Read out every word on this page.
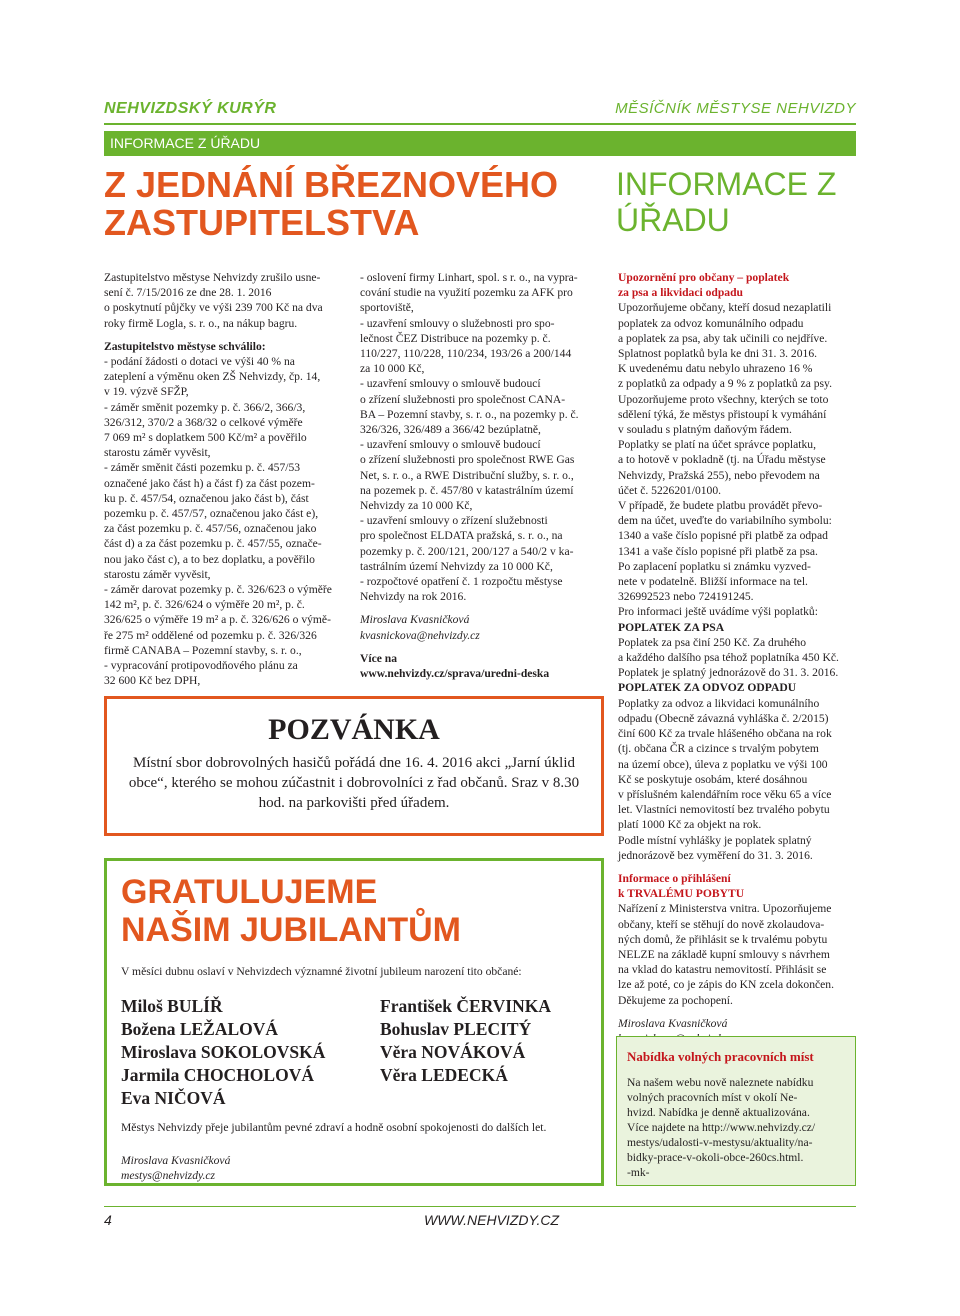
NEHVIZDSKÝ KURÝR	MĚSÍČNÍK MĚSTYSE NEHVIZDY
INFORMACE Z ÚŘADU
Z JEDNÁNÍ BŘEZNOVÉHO ZASTUPITELSTVA
INFORMACE Z ÚŘADU

Zastupitelstvo městyse Nehvizdy zrušilo usne-
sení č. 7/15/2016 ze dne 28. 1. 2016
o poskytnutí půjčky ve výši 239 700 Kč na dva
roky firmě Logla, s. r. o., na nákup bagru.

Zastupitelstvo městyse schválilo:

- podání žádosti o dotaci ve výši 40 % na
zateplení a výměnu oken ZŠ Nehvizdy, čp. 14,
v 19. výzvě SFŽP,
- záměr směnit pozemky p. č. 366/2, 366/3,
326/312, 370/2 a 368/32 o celkové výměře
7 069 m² s doplatkem 500 Kč/m² a pověřilo
starostu záměr vyvěsit,
- záměr směnit části pozemku p. č. 457/53
označené jako část h) a část f) za část pozem-
ku p. č. 457/54, označenou jako část b), část
pozemku p. č. 457/57, označenou jako část e),
za část pozemku p. č. 457/56, označenou jako
část d) a za část pozemku p. č. 457/55, označe-
nou jako část c), a to bez doplatku, a pověřilo
starostu záměr vyvěsit,
- záměr darovat pozemky p. č. 326/623 o výměře
142 m², p. č. 326/624 o výměře 20 m², p. č.
326/625 o výměře 19 m² a p. č. 326/626 o výmě-
ře 275 m² oddělené od pozemku p. č. 326/326
firmě CANABA – Pozemní stavby, s. r. o.,
- vypracování protipovodňového plánu za
32 600 Kč bez DPH,

- oslovení firmy Linhart, spol. s r. o., na vypra-
cování studie na využití pozemku za AFK pro
sportoviště,
- uzavření smlouvy o služebnosti pro spo-
lečnost ČEZ Distribuce na pozemky p. č.
110/227, 110/228, 110/234, 193/26 a 200/144
za 10 000 Kč,
- uzavření smlouvy o smlouvě budoucí
o zřízení služebnosti pro společnost CANA-
BA – Pozemní stavby, s. r. o., na pozemky p. č.
326/326, 326/489 a 366/42 bezúplatně,
- uzavření smlouvy o smlouvě budoucí
o zřízení služebnosti pro společnost RWE Gas
Net, s. r. o., a RWE Distribuční služby, s. r. o.,
na pozemek p. č. 457/80 v katastrálním území
Nehvizdy za 10 000 Kč,
- uzavření smlouvy o zřízení služebnosti
pro společnost ELDATA pražská, s. r. o., na
pozemky p. č. 200/121, 200/127 a 540/2 v ka-
tastrálním území Nehvizdy za 10 000 Kč,
- rozpočtové opatření č. 1 rozpočtu městyse
Nehvizdy na rok 2016.

Miroslava Kvasničková

kvasnickova@nehvizdy.cz

Více na

www.nehvizdy.cz/sprava/uredni-deska

Upozornění pro občany – poplatek
za psa a likvidaci odpadu

Upozorňujeme občany, kteří dosud nezaplatili
poplatek za odvoz komunálního odpadu
a poplatek za psa, aby tak učinili co nejdříve.
Splatnost poplatků byla ke dni 31. 3. 2016.
K uvedenému datu nebylo uhrazeno 16 %
z poplatků za odpady a 9 % z poplatků za psy.
Upozorňujeme proto všechny, kterých se toto
sdělení týká, že městys přistoupí k vymáhání
v souladu s platným daňovým řádem.
Poplatky se platí na účet správce poplatku,
a to hotově v pokladně (tj. na Úřadu městyse
Nehvizdy, Pražská 255), nebo převodem na
účet č. 5226201/0100.
V případě, že budete platbu provádět převo-
dem na účet, uveďte do variabilního symbolu:
1340 a vaše číslo popisné při platbě za odpad
1341 a vaše číslo popisné při platbě za psa.
Po zaplacení poplatku si známku vyzved-
nete v podatelně. Bližší informace na tel.
326992523 nebo 724191245.
Pro informaci ještě uvádíme výši poplatků:

POPLATEK ZA PSA

Poplatek za psa činí 250 Kč. Za druhého
a každého dalšího psa téhož poplatníka 450 Kč.
Poplatek je splatný jednorázově do 31. 3. 2016.

POPLATEK ZA ODVOZ ODPADU

Poplatky za odvoz a likvidaci komunálního
odpadu (Obecně závazná vyhláška č. 2/2015)
činí 600 Kč za trvale hlášeného občana na rok
(tj. občana ČR a cizince s trvalým pobytem
na území obce), úleva z poplatku ve výši 100
Kč se poskytuje osobám, které dosáhnou
v příslušném kalendářním roce věku 65 a více
let. Vlastníci nemovitostí bez trvalého pobytu
platí 1000 Kč za objekt na rok.
Podle místní vyhlášky je poplatek splatný
jednorázově bez vyměření do 31. 3. 2016.

Informace o přihlášení
k TRVALÉMU POBYTU

Nařízení z Ministerstva vnitra. Upozorňujeme
občany, kteří se stěhují do nově zkolaudova-
ných domů, že přihlásit se k trvalému pobytu
NELZE na základě kupní smlouvy s návrhem
na vklad do katastru nemovitostí. Přihlásit se
lze až poté, co je zápis do KN zcela dokončen.
Děkujeme za pochopení.

Miroslava Kvasničková

POZVÁNKA

Místní sbor dobrovolných hasičů pořádá dne 16. 4. 2016 akci „Jarní úklid obce“, kterého se mohou zúčastnit i dobrovolníci z řad občanů. Sraz v 8.30 hod. na parkovišti před úřadem.

GRATULUJEME
NAŠIM JUBILANTŮM
V měsíci dubnu oslaví v Nehvizdech významné životní jubileum narození tito občané:
Miloš BULÍŘ
Božena LEŽALOVÁ
Miroslava SOKOLOVSKÁ
Jarmila CHOCHOLOVÁ
Eva NIČOVÁ
František ČERVINKA
Bohuslav PLECITÝ
Věra NOVÁKOVÁ
Věra LEDECKÁ
Městys Nehvizdy přeje jubilantům pevné zdraví a hodně osobní spokojenosti do dalších let.
Miroslava Kvasničková
mestys@nehvizdy.cz
Nabídka volných pracovních míst

Na našem webu nově naleznete nabídku
volných pracovních míst v okolí Ne-
hvizd. Nabídka je denně aktualizována.
Více najdete na http://www.nehvizdy.cz/
mestys/udalosti-v-mestysu/aktuality/na-
bidky-prace-v-okoli-obce-260cs.html.
-mk-

4	WWW.NEHVIZDY.CZ
